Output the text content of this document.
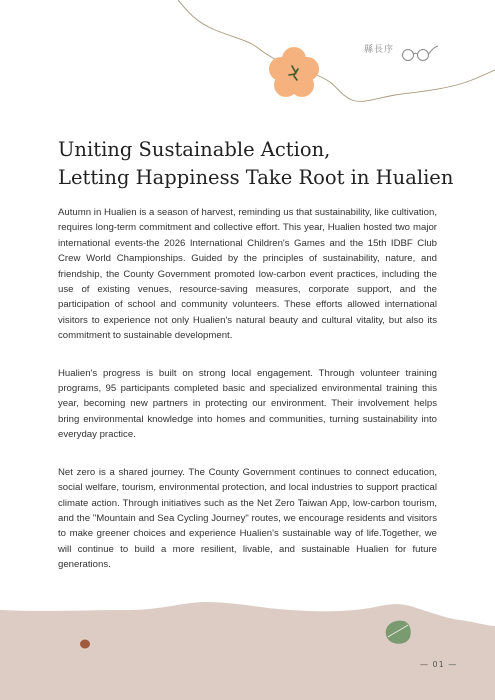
縣長序
Uniting Sustainable Action,
Letting Happiness Take Root in Hualien

Autumn in Hualien is a season of harvest, reminding us that sustainability, like cultivation, requires long-term commitment and collective effort. This year, Hualien hosted two major international events-the 2026 International Children's Games and the 15th IDBF Club Crew World Championships. Guided by the principles of sustainability, nature, and friendship, the County Government promoted low-carbon event practices, including the use of existing venues, resource-saving measures, corporate support, and the participation of school and community volunteers. These efforts allowed international visitors to experience not only Hualien's natural beauty and cultural vitality, but also its commitment to sustainable development.

Hualien's progress is built on strong local engagement. Through volunteer training programs, 95 participants completed basic and specialized environmental training this year, becoming new partners in protecting our environment. Their involvement helps bring environmental knowledge into homes and communities, turning sustainability into everyday practice.

Net zero is a shared journey. The County Government continues to connect education, social welfare, tourism, environmental protection, and local industries to support practical climate action. Through initiatives such as the Net Zero Taiwan App, low-carbon tourism, and the "Mountain and Sea Cycling Journey" routes, we encourage residents and visitors to make greener choices and experience Hualien's sustainable way of life.Together, we will continue to build a more resilient, livable, and sustainable Hualien for future generations.

— 01 —
